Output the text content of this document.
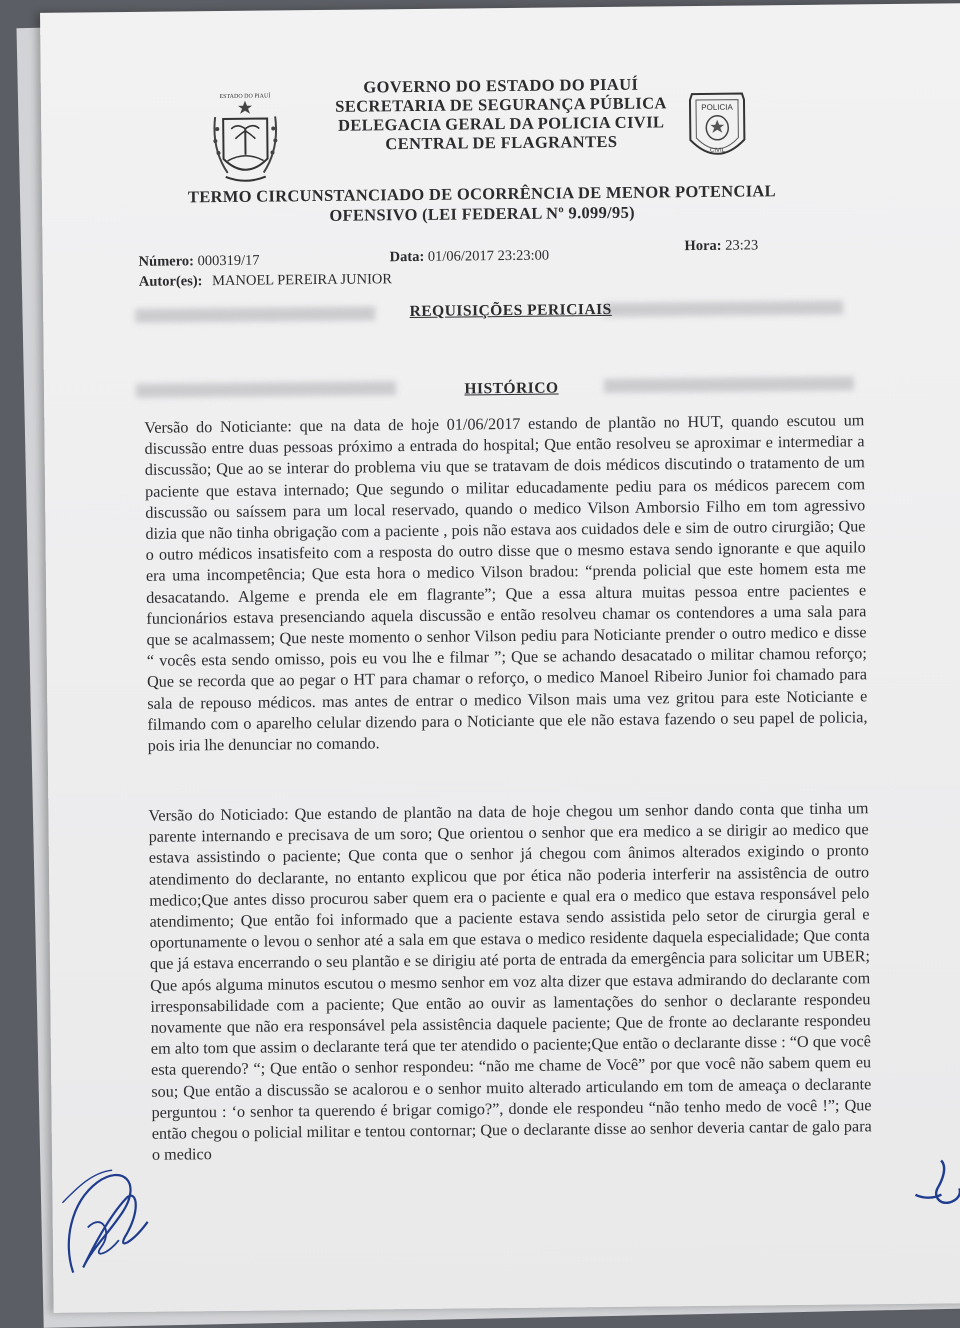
ESTADO DO PIAUÍ
GOVERNO DO ESTADO DO PIAUÍ
SECRETARIA DE SEGURANÇA PÚBLICA
DELEGACIA GERAL DA POLICIA CIVIL
CENTRAL DE FLAGRANTES
POLICIA
CIVIL
TERMO CIRCUNSTANCIADO DE OCORRÊNCIA DE MENOR POTENCIAL
OFENSIVO (LEI FEDERAL Nº 9.099/95)
Número: 000319/17	Data: 01/06/2017 23:23:00
Hora: 23:23
Autor(es): MANOEL PEREIRA JUNIOR
REQUISIÇÕES PERICIAIS
HISTÓRICO
Versão do Noticiante: que na data de hoje 01/06/2017 estando de plantão no HUT, quando escutou um discussão entre duas pessoas próximo a entrada do hospital; Que então resolveu se aproximar e intermediar a discussão; Que ao se interar do problema viu que se tratavam de dois médicos discutindo o tratamento de um paciente que estava internado; Que segundo o militar educadamente pediu para os médicos parecem com discussão ou saíssem para um local reservado, quando o medico Vilson Amborsio Filho em tom agressivo dizia que não tinha obrigação com a paciente , pois não estava aos cuidados dele e sim de outro cirurgião; Que o outro médicos insatisfeito com a resposta do outro disse que o mesmo estava sendo ignorante e que aquilo era uma incompetência; Que esta hora o medico Vilson bradou: “prenda policial que este homem esta me desacatando. Algeme e prenda ele em flagrante”; Que a essa altura muitas pessoa entre pacientes e funcionários estava presenciando aquela discussão e então resolveu chamar os contendores a uma sala para que se acalmassem; Que neste momento o senhor Vilson pediu para Noticiante prender o outro medico e disse “ vocês esta sendo omisso, pois eu vou lhe e filmar ”; Que se achando desacatado o militar chamou reforço; Que se recorda que ao pegar o HT para chamar o reforço, o medico Manoel Ribeiro Junior foi chamado para sala de repouso médicos. mas antes de entrar o medico Vilson mais uma vez gritou para este Noticiante e filmando com o aparelho celular dizendo para o Noticiante que ele não estava fazendo o seu papel de policia, pois iria lhe denunciar no comando.
Versão do Noticiado: Que estando de plantão na data de hoje chegou um senhor dando conta que tinha um parente internando e precisava de um soro; Que orientou o senhor que era medico a se dirigir ao medico que estava assistindo o paciente; Que conta que o senhor já chegou com ânimos alterados exigindo o pronto atendimento do declarante, no entanto explicou que por ética não poderia interferir na assistência de outro medico;Que antes disso procurou saber quem era o paciente e qual era o medico que estava responsável pelo atendimento; Que então foi informado que a paciente estava sendo assistida pelo setor de cirurgia geral e oportunamente o levou o senhor até a sala em que estava o medico residente daquela especialidade; Que conta que já estava encerrando o seu plantão e se dirigiu até porta de entrada da emergência para solicitar um UBER; Que após alguma minutos escutou o mesmo senhor em voz alta dizer que estava admirando do declarante com irresponsabilidade com a paciente; Que então ao ouvir as lamentações do senhor o declarante respondeu novamente que não era responsável pela assistência daquele paciente; Que de fronte ao declarante respondeu em alto tom que assim o declarante terá que ter atendido o paciente;Que então o declarante disse : “O que você esta querendo? “; Que então o senhor respondeu: “não me chame de Você” por que você não sabem quem eu sou; Que então a discussão se acalorou e o senhor muito alterado articulando em tom de ameaça o declarante perguntou : ‘o senhor ta querendo é brigar comigo?”, donde ele respondeu “não tenho medo de você !”; Que então chegou o policial militar e tentou contornar; Que o declarante disse ao senhor deveria cantar de galo para o medico
